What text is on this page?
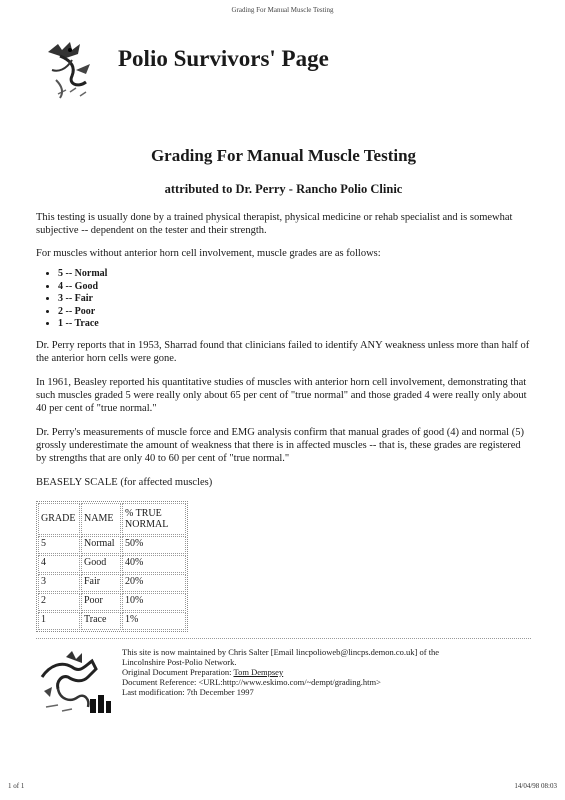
Grading For Manual Muscle Testing
Polio Survivors' Page
Grading For Manual Muscle Testing
attributed to Dr. Perry - Rancho Polio Clinic

This testing is usually done by a trained physical therapist, physical medicine or rehab specialist and is somewhat subjective -- dependent on the tester and their strength.

For muscles without anterior horn cell involvement, muscle grades are as follows:

• 5 -- Normal
• 4 -- Good
• 3 -- Fair
• 2 -- Poor
• 1 -- Trace

Dr. Perry reports that in 1953, Sharrad found that clinicians failed to identify ANY weakness unless more than half of the anterior horn cells were gone.

In 1961, Beasley reported his quantitative studies of muscles with anterior horn cell involvement, demonstrating that such muscles graded 5 were really only about 65 per cent of "true normal" and those graded 4 were really only about 40 per cent of "true normal."

Dr. Perry's measurements of muscle force and EMG analysis confirm that manual grades of good (4) and normal (5) grossly underestimate the amount of weakness that there is in affected muscles -- that is, these grades are registered by strengths that are only 40 to 60 per cent of "true normal."

BEASELY SCALE (for affected muscles)
GRADE	NAME	% TRUE NORMAL
5	Normal	50%
4	Good	40%
3	Fair	20%
2	Poor	10%
1	Trace	1%
This site is now maintained by Chris Salter [Email lincpolioweb@lincps.demon.co.uk] of the
Lincolnshire Post-Polio Network.
Original Document Preparation: Tom Dempsey
Document Reference: <URL:http://www.eskimo.com/~dempt/grading.htm>
Last modification: 7th December 1997
1 of 1	14/04/98 08:03
